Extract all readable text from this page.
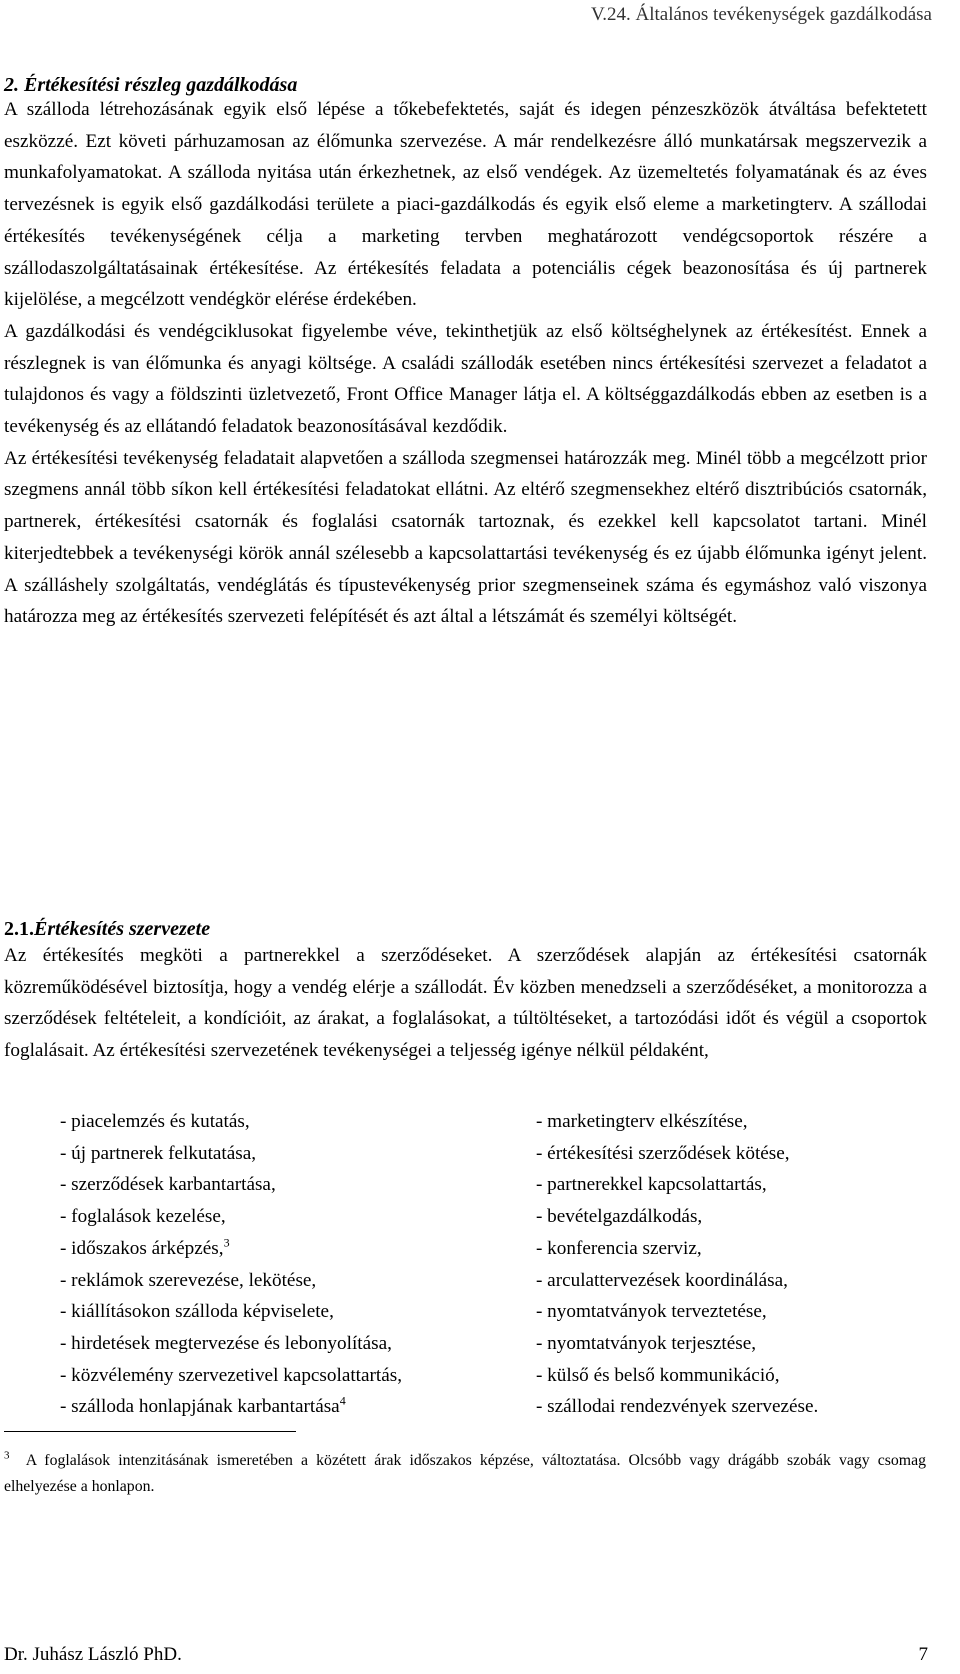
V.24. Általános tevékenységek gazdálkodása
2. Értékesítési részleg gazdálkodása

A szálloda létrehozásának egyik első lépése a tőkebefektetés, saját és idegen pénzeszközök átváltása befektetett eszközzé. Ezt követi párhuzamosan az élőmunka szervezése. A már rendelkezésre álló munkatársak megszervezik a munkafolyamatokat. A szálloda nyitása után érkezhetnek, az első vendégek. Az üzemeltetés folyamatának és az éves tervezésnek is egyik első gazdálkodási területe a piaci-gazdálkodás és egyik első eleme a marketingterv. A szállodai értékesítés tevékenységének célja a marketing tervben meghatározott vendégcsoportok részére a szállodaszolgáltatásainak értékesítése. Az értékesítés feladata a potenciális cégek beazonosítása és új partnerek kijelölése, a megcélzott vendégkör elérése érdekében.

A gazdálkodási és vendégciklusokat figyelembe véve, tekinthetjük az első költséghelynek az értékesítést. Ennek a részlegnek is van élőmunka és anyagi költsége. A családi szállodák esetében nincs értékesítési szervezet a feladatot a tulajdonos és vagy a földszinti üzletvezető, Front Office Manager látja el. A költséggazdálkodás ebben az esetben is a tevékenység és az ellátandó feladatok beazonosításával kezdődik.

Az értékesítési tevékenység feladatait alapvetően a szálloda szegmensei határozzák meg. Minél több a megcélzott prior szegmens annál több síkon kell értékesítési feladatokat ellátni. Az eltérő szegmensekhez eltérő disztribúciós csatornák, partnerek, értékesítési csatornák és foglalási csatornák tartoznak, és ezekkel kell kapcsolatot tartani. Minél kiterjedtebbek a tevékenységi körök annál szélesebb a kapcsolattartási tevékenység és ez újabb élőmunka igényt jelent. A szálláshely szolgáltatás, vendéglátás és típustevékenység prior szegmenseinek száma és egymáshoz való viszonya határozza meg az értékesítés szervezeti felépítését és azt által a létszámát és személyi költségét.

2.1.Értékesítés szervezete

Az értékesítés megköti a partnerekkel a szerződéseket. A szerződések alapján az értékesítési csatornák közreműködésével biztosítja, hogy a vendég elérje a szállodát. Év közben menedzseli a szerződéséket, a monitorozza a szerződések feltételeit, a kondícióit, az árakat, a foglalásokat, a túltöltéseket, a tartozódási időt és végül a csoportok foglalásait. Az értékesítési szervezetének tevékenységei a teljesség igénye nélkül példaként,

- piacelemzés és kutatás,
- új partnerek felkutatása,
- szerződések karbantartása,
- foglalások kezelése,
- időszakos árképzés,$^3$
- reklámok szerevezése, lekötése,
- kiállításokon szálloda képviselete,
- hirdetések megtervezése és lebonyolítása,
- közvélemény szervezetivel kapcsolattartás,
- szálloda honlapjának karbantartása$^4$
- marketingterv elkészítése,
- értékesítési szerződések kötése,
- partnerekkel kapcsolattartás,
- bevételgazdálkodás,
- konferencia szerviz,
- arculattervezések koordinálása,
- nyomtatványok terveztetése,
- nyomtatványok terjesztése,
- külső és belső kommunikáció,
- szállodai rendezvények szervezése.
$^3$ A foglalások intenzitásának ismeretében a közétett árak időszakos képzése, változtatása. Olcsóbb vagy drágább szobák vagy csomag elhelyezése a honlapon.
Dr. Juhász László PhD.	7
